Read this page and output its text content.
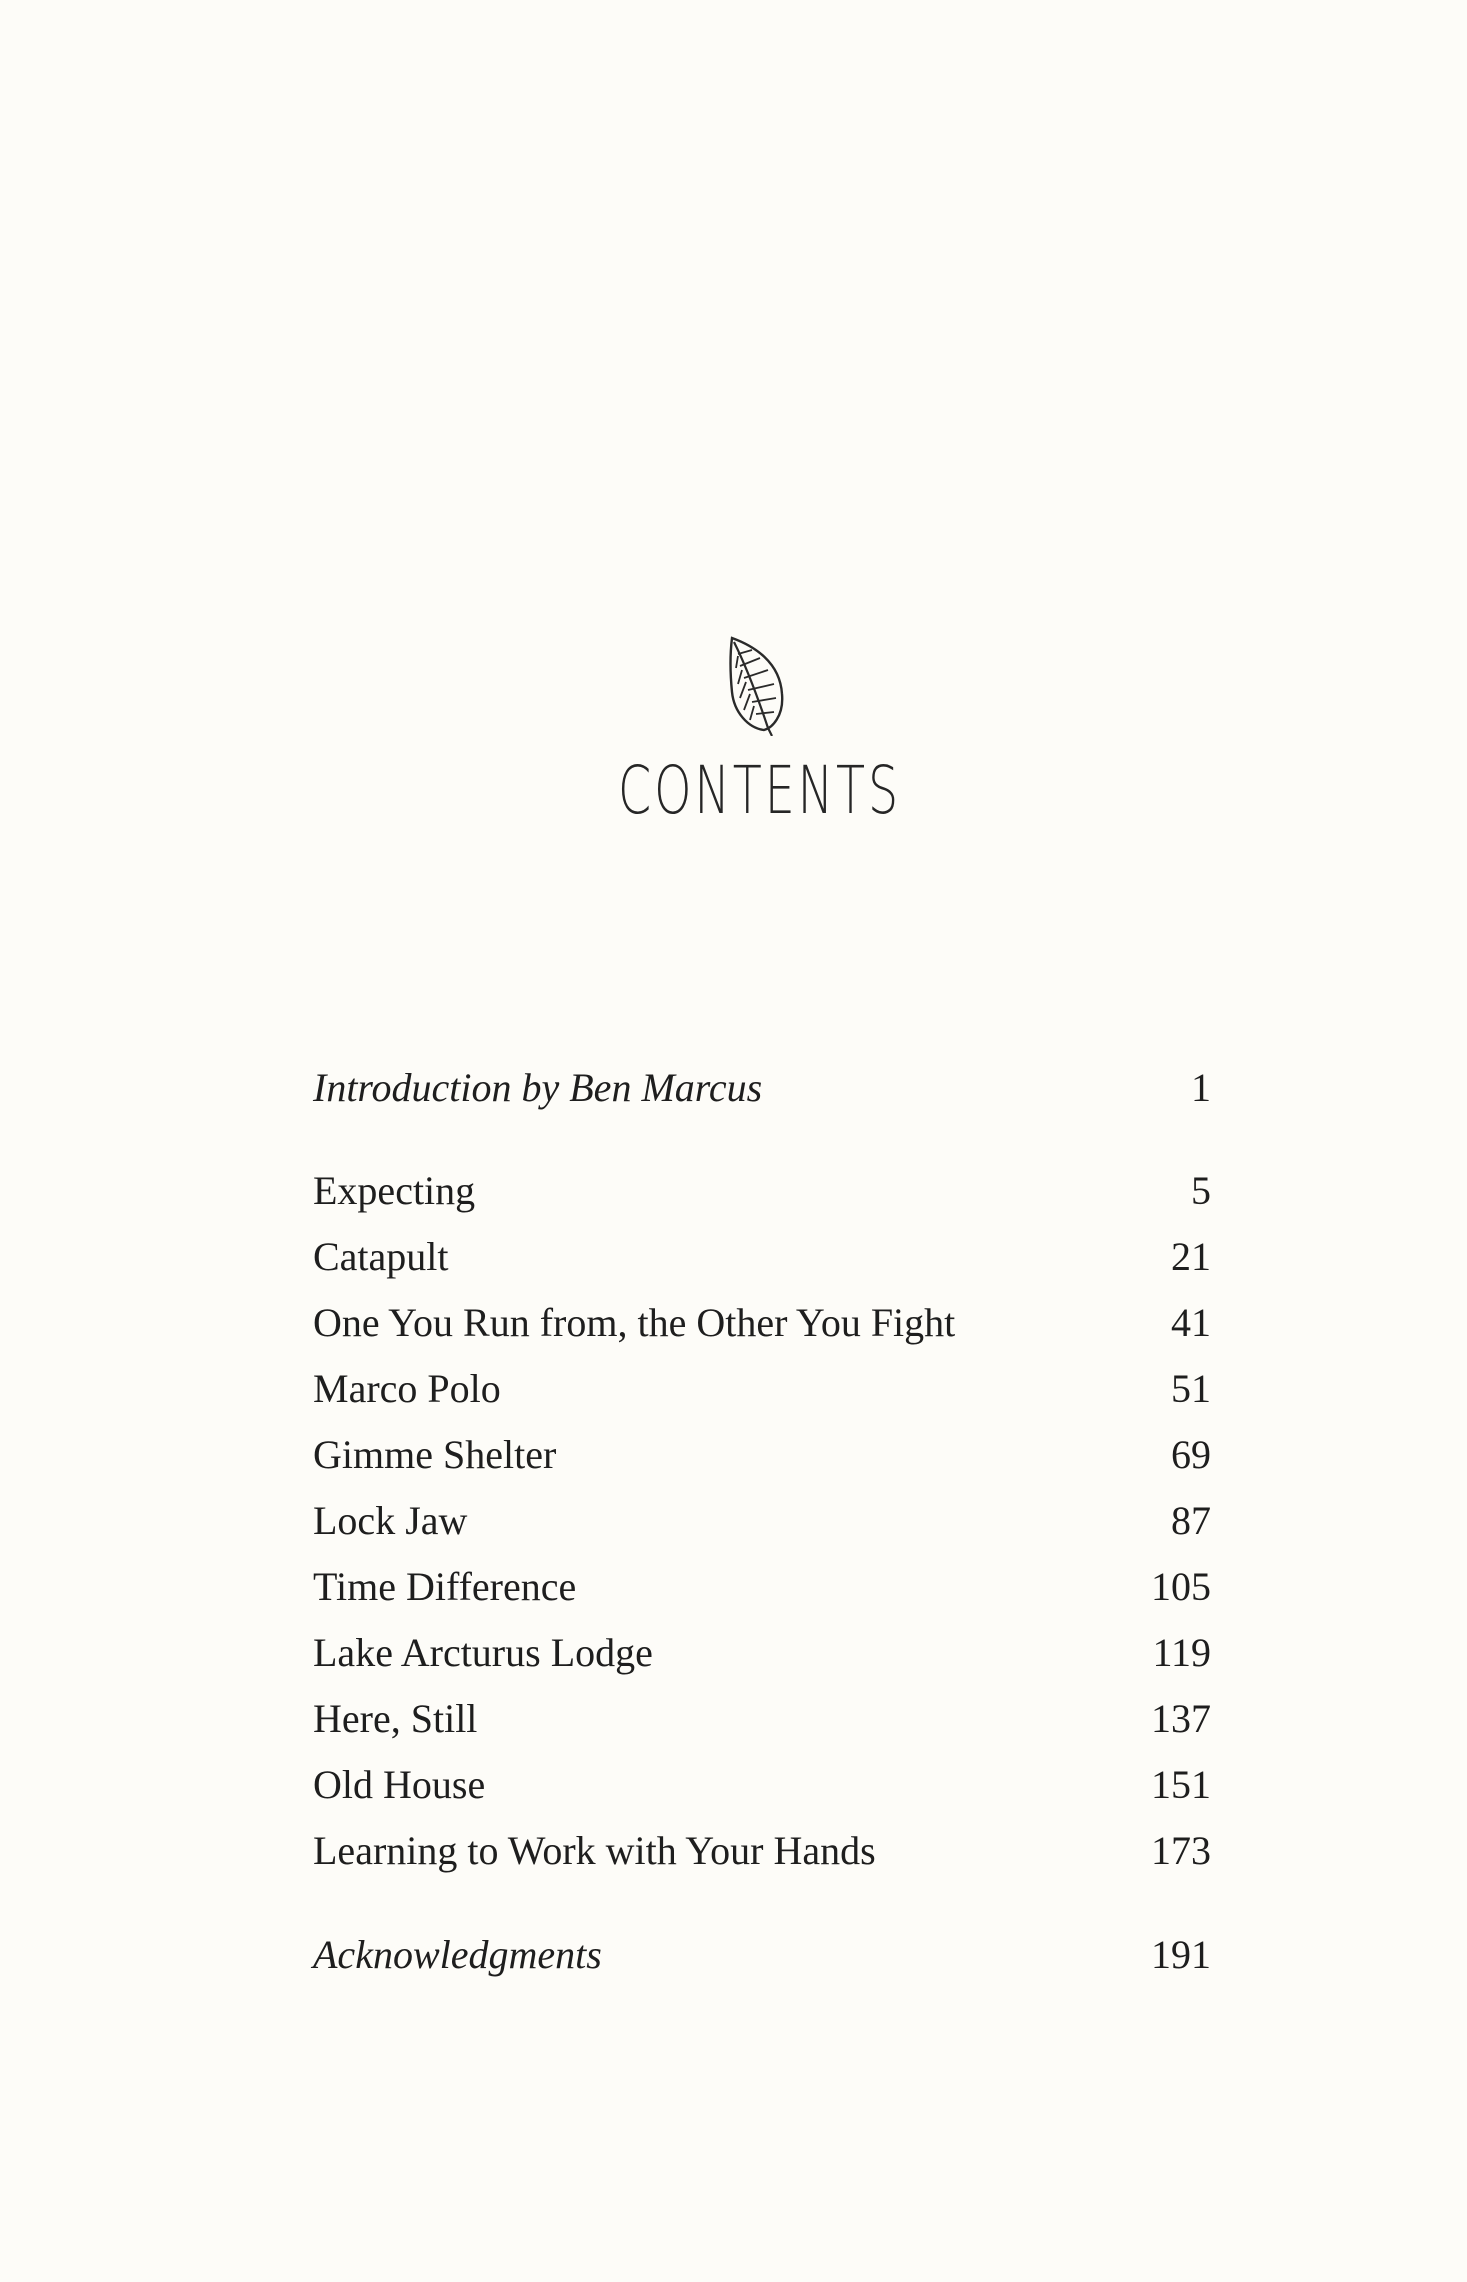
CONTENTS
Introduction by Ben Marcus	1
Expecting	5
Catapult	21
One You Run from, the Other You Fight	41
Marco Polo	51
Gimme Shelter	69
Lock Jaw	87
Time Difference	105
Lake Arcturus Lodge	119
Here, Still	137
Old House	151
Learning to Work with Your Hands	173
Acknowledgments	191
